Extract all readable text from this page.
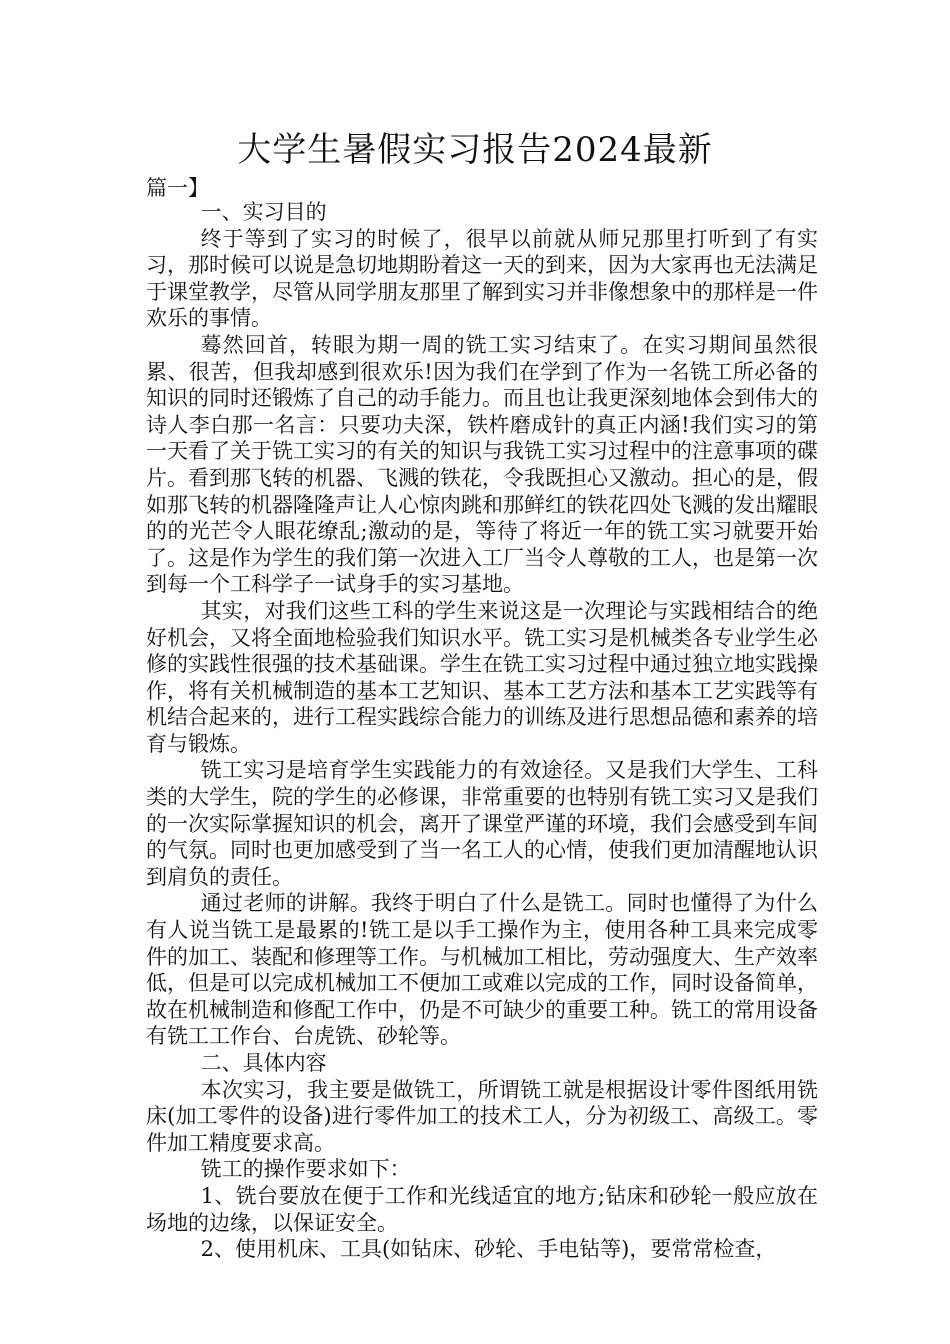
大学生暑假实习报告2024最新
篇一】

一、实习目的

终于等到了实习的时候了，很早以前就从师兄那里打听到了有实习，那时候可以说是急切地期盼着这一天的到来，因为大家再也无法满足于课堂教学，尽管从同学朋友那里了解到实习并非像想象中的那样是一件欢乐的事情。

蓦然回首，转眼为期一周的铣工实习结束了。在实习期间虽然很累、很苦，但我却感到很欢乐!因为我们在学到了作为一名铣工所必备的知识的同时还锻炼了自己的动手能力。而且也让我更深刻地体会到伟大的诗人李白那一名言：只要功夫深，铁杵磨成针的真正内涵!我们实习的第一天看了关于铣工实习的有关的知识与我铣工实习过程中的注意事项的碟片。看到那飞转的机器、飞溅的铁花，令我既担心又激动。担心的是，假如那飞转的机器隆隆声让人心惊肉跳和那鲜红的铁花四处飞溅的发出耀眼的的光芒令人眼花缭乱;激动的是，等待了将近一年的铣工实习就要开始了。这是作为学生的我们第一次进入工厂当令人尊敬的工人，也是第一次到每一个工科学子一试身手的实习基地。

其实，对我们这些工科的学生来说这是一次理论与实践相结合的绝好机会，又将全面地检验我们知识水平。铣工实习是机械类各专业学生必修的实践性很强的技术基础课。学生在铣工实习过程中通过独立地实践操作，将有关机械制造的基本工艺知识、基本工艺方法和基本工艺实践等有机结合起来的，进行工程实践综合能力的训练及进行思想品德和素养的培育与锻炼。

铣工实习是培育学生实践能力的有效途径。又是我们大学生、工科类的大学生，院的学生的必修课，非常重要的也特别有铣工实习又是我们的一次实际掌握知识的机会，离开了课堂严谨的环境，我们会感受到车间的气氛。同时也更加感受到了当一名工人的心情，使我们更加清醒地认识到肩负的责任。

通过老师的讲解。我终于明白了什么是铣工。同时也懂得了为什么有人说当铣工是最累的!铣工是以手工操作为主，使用各种工具来完成零件的加工、装配和修理等工作。与机械加工相比，劳动强度大、生产效率低，但是可以完成机械加工不便加工或难以完成的工作，同时设备简单，故在机械制造和修配工作中，仍是不可缺少的重要工种。铣工的常用设备有铣工工作台、台虎铣、砂轮等。

二、具体内容

本次实习，我主要是做铣工，所谓铣工就是根据设计零件图纸用铣床(加工零件的设备)进行零件加工的技术工人，分为初级工、高级工。零件加工精度要求高。

铣工的操作要求如下：

1、铣台要放在便于工作和光线适宜的地方;钻床和砂轮一般应放在场地的边缘，以保证安全。

2、使用机床、工具(如钻床、砂轮、手电钻等)，要常常检查，
